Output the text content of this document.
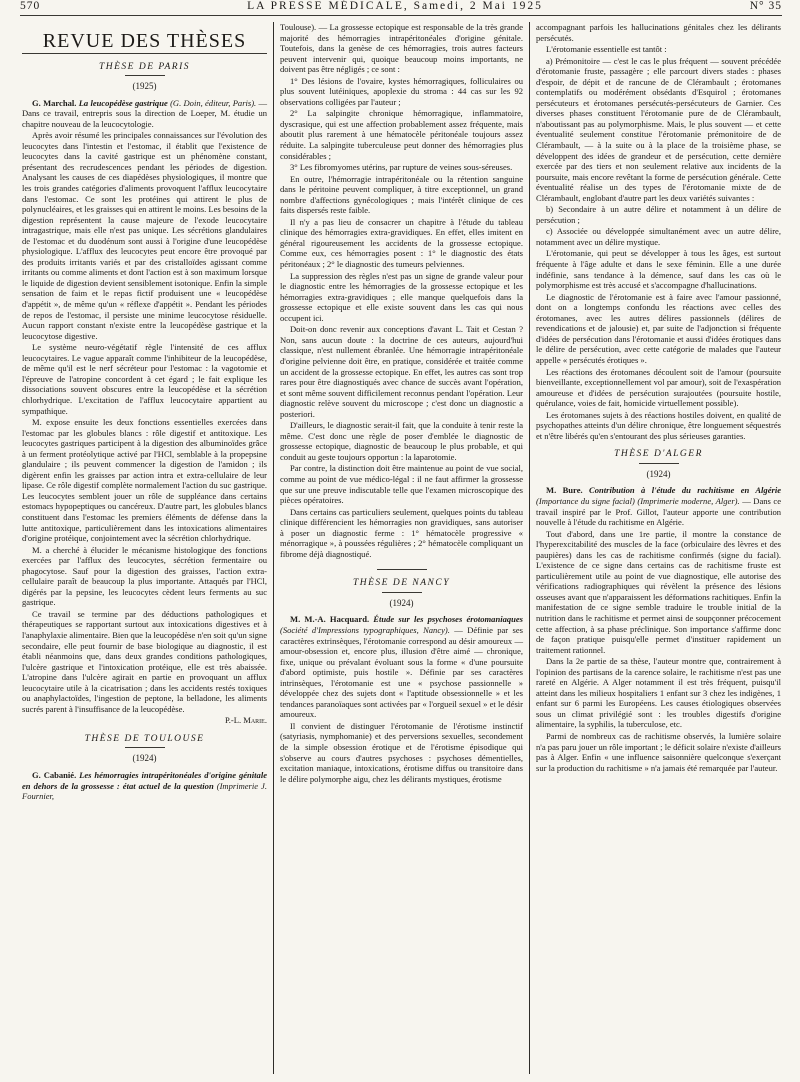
570	LA PRESSE MÉDICALE, Samedi, 2 Mai 1925	N° 35
REVUE DES THÈSES
THÈSE DE PARIS
(1925)

G. Marchal. La leucopédèse gastrique (G. Doin, éditeur, Paris). — Dans ce travail, entrepris sous la direction de Loeper, M. étudie un chapitre nouveau de la leucocytologie.

Après avoir résumé les principales connaissances sur l'évolution des leucocytes dans l'intestin et l'estomac, il établit que l'existence de leucocytes dans la cavité gastrique est un phénomène constant, présentant des recrudescences pendant les périodes de digestion. Analysant les causes de ces diapédèses physiologiques, il montre que les trois grandes catégories d'aliments provoquent l'afflux leucocytaire dans l'estomac. Ce sont les protéines qui attirent le plus de polynucléaires, et les graisses qui en attirent le moins. Les besoins de la digestion représentent la cause majeure de l'exode leucocytaire intragastrique, mais elle n'est pas unique. Les sécrétions glandulaires de l'estomac et du duodénum sont aussi à l'origine d'une leucopédèse physiologique. L'afflux des leucocytes peut encore être provoqué par des produits irritants variés et par des cristalloïdes agissant comme irritants ou comme aliments et dont l'action est à son maximum lorsque le liquide de digestion devient sensiblement isotonique. Enfin la simple sensation de faim et le repas fictif produisent une « leucopédèse d'appétit », de même qu'un « réflexe d'appétit ». Pendant les périodes de repos de l'estomac, il persiste une minime leucocytose résiduelle. Aucun rapport constant n'existe entre la leucopédèse gastrique et la leucocytose digestive.

Le système neuro-végétatif règle l'intensité de ces afflux leucocytaires. Le vague apparaît comme l'inhibiteur de la leucopédèse, de même qu'il est le nerf sécréteur pour l'estomac : la vagotomie et l'épreuve de l'atropine concordent à cet égard ; le fait explique les dissociations souvent obscures entre la leucopédèse et la sécrétion chlorhydrique. L'excitation de l'afflux leucocytaire appartient au sympathique.

M. expose ensuite les deux fonctions essentielles exercées dans l'estomac par les globules blancs : rôle digestif et antitoxique. Les leucocytes gastriques participent à la digestion des albuminoïdes grâce à un ferment protéolytique activé par l'HCl, semblable à la propepsine glandulaire ; ils peuvent commencer la digestion de l'amidon ; ils digèrent enfin les graisses par action intra et extra-cellulaire de leur lipase. Ce rôle digestif complète normalement l'action du suc gastrique. Les leucocytes semblent jouer un rôle de suppléance dans certains estomacs hypopeptiques ou cancéreux. D'autre part, les globules blancs constituent dans l'estomac les premiers éléments de défense dans la lutte antitoxique, particulièrement dans les intoxications alimentaires d'origine protéique, conjointement avec la sécrétion chlorhydrique.

M. a cherché à élucider le mécanisme histologique des fonctions exercées par l'afflux des leucocytes, sécrétion fermentaire ou phagocytose. Sauf pour la digestion des graisses, l'action extra-cellulaire paraît de beaucoup la plus importante. Attaqués par l'HCl, digérés par la pepsine, les leucocytes cèdent leurs ferments au suc gastrique.

Ce travail se termine par des déductions pathologiques et thérapeutiques se rapportant surtout aux intoxications digestives et à l'anaphylaxie alimentaire. Bien que la leucopédèse n'en soit qu'un signe secondaire, elle peut fournir de base biologique au diagnostic, il est établi néanmoins que, dans deux grandes conditions pathologiques, l'ulcère gastrique et l'intoxication protéique, elle est très abaissée. L'atropine dans l'ulcère agirait en partie en provoquant un afflux leucocytaire utile à la cicatrisation ; dans les accidents restés toxiques ou anaphylactoïdes, l'ingestion de peptone, la belladone, les aliments sucrés parent à l'insuffisance de la leucopédèse.

P.-L. Marie.

THÈSE DE TOULOUSE
(1924)

G. Cabanié. Les hémorragies intrapéritonéales d'origine génitale en dehors de la grossesse : état actuel de la question (Imprimerie J. Fournier,

Toulouse). — La grossesse ectopique est responsable de la très grande majorité des hémorragies intrapéritonéales d'origine génitale. Toutefois, dans la genèse de ces hémorragies, trois autres facteurs peuvent intervenir qui, quoique beaucoup moins importants, ne doivent pas être négligés ; ce sont :

1° Des lésions de l'ovaire, kystes hémorragiques, folliculaires ou plus souvent lutéiniques, apoplexie du stroma : 44 cas sur les 92 observations colligées par l'auteur ;

2° La salpingite chronique hémorragique, inflammatoire, dyscrasique, qui est une affection probablement assez fréquente, mais aboutit plus rarement à une hématocèle péritonéale toujours assez réduite. La salpingite tuberculeuse peut donner des hémorragies plus considérables ;

3° Les fibromyomes utérins, par rupture de veines sous-séreuses.

En outre, l'hémorragie intrapéritonéale ou la rétention sanguine dans le péritoine peuvent compliquer, à titre exceptionnel, un grand nombre d'affections gynécologiques ; mais l'intérêt clinique de ces faits dispersés reste faible.

Il n'y a pas lieu de consacrer un chapitre à l'étude du tableau clinique des hémorragies extra-gravidiques. En effet, elles imitent en général rigoureusement les accidents de la grossesse ectopique. Comme eux, ces hémorragies posent : 1° le diagnostic des états péritonéaux ; 2° le diagnostic des tumeurs pelviennes.

La suppression des règles n'est pas un signe de grande valeur pour le diagnostic entre les hémorragies de la grossesse ectopique et les hémorragies extra-gravidiques ; elle manque quelquefois dans la grossesse ectopique et elle existe souvent dans les cas qui nous occupent ici.

Doit-on donc revenir aux conceptions d'avant L. Tait et Cestan ? Non, sans aucun doute : la doctrine de ces auteurs, aujourd'hui classique, n'est nullement ébranlée. Une hémorragie intrapéritonéale d'origine pelvienne doit être, en pratique, considérée et traitée comme un accident de la grossesse ectopique. En effet, les autres cas sont trop rares pour être diagnostiqués avec chance de succès avant l'opération, et sont même souvent difficilement reconnus pendant l'opération. Leur diagnostic relève souvent du microscope ; c'est donc un diagnostic a posteriori.

D'ailleurs, le diagnostic serait-il fait, que la conduite à tenir reste la même. C'est donc une règle de poser d'emblée le diagnostic de grossesse ectopique, diagnostic de beaucoup le plus probable, et qui conduit au geste toujours opportun : la laparotomie.

Par contre, la distinction doit être maintenue au point de vue social, comme au point de vue médico-légal : il ne faut affirmer la grossesse que sur une preuve indiscutable telle que l'examen microscopique des pièces opératoires.

Dans certains cas particuliers seulement, quelques points du tableau clinique différencient les hémorragies non gravidiques, sans autoriser à poser un diagnostic ferme : 1° hématocèle progressive « ménorragique », à poussées régulières ; 2° hématocèle compliquant un fibrome déjà diagnostiqué.

THÈSE DE NANCY
(1924)

M. M.-A. Hacquard. Étude sur les psychoses érotomaniaques (Société d'Impressions typographiques, Nancy). — Définie par ses caractères extrinsèques, l'érotomanie correspond au désir amoureux — amour-obsession et, encore plus, illusion d'être aimé — chronique, fixe, unique ou prévalant évoluant sous la forme « d'une poursuite d'abord optimiste, puis hostile ». Définie par ses caractères intrinsèques, l'érotomanie est une « psychose passionnelle » développée chez des sujets dont « l'aptitude obsessionnelle » et les tendances paranoïaques sont activées par « l'orgueil sexuel » et le désir amoureux.

Il convient de distinguer l'érotomanie de l'érotisme instinctif (satyriasis, nymphomanie) et des perversions sexuelles, secondement de la simple obsession érotique et de l'érotisme épisodique qui s'observe au cours d'autres psychoses : psychoses démentielles, excitation maniaque, intoxications, érotisme diffus ou transitoire dans le délire polymorphe aigu, chez les délirants mystiques, érotisme

accompagnant parfois les hallucinations génitales chez les délirants persécutés.

L'érotomanie essentielle est tantôt :

a) Prémonitoire — c'est le cas le plus fréquent — souvent précédée d'érotomanie fruste, passagère ; elle parcourt divers stades : phases d'espoir, de dépit et de rancune de de Clérambault ; érotomanes contemplatifs ou modérément obsédants d'Esquirol ; érotomanes persécuteurs et érotomanes persécutés-persécuteurs de Garnier. Ces diverses phases constituent l'érotomanie pure de de Clérambault, n'aboutissant pas au polymorphisme. Mais, le plus souvent — et cette éventualité seulement constitue l'érotomanie prémonitoire de de Clérambault, — à la suite ou à la place de la troisième phase, se développent des idées de grandeur et de persécution, cette dernière exercée par des tiers et non seulement relative aux incidents de la poursuite, mais encore revêtant la forme de persécution générale. Cette éventualité réalise un des types de l'érotomanie mixte de de Clérambault, englobant d'autre part les deux variétés suivantes :

b) Secondaire à un autre délire et notamment à un délire de persécution ;

c) Associée ou développée simultanément avec un autre délire, notamment avec un délire mystique.

L'érotomanie, qui peut se développer à tous les âges, est surtout fréquente à l'âge adulte et dans le sexe féminin. Elle a une durée indéfinie, sans tendance à la démence, sauf dans les cas où le polymorphisme est très accusé et s'accompagne d'hallucinations.

Le diagnostic de l'érotomanie est à faire avec l'amour passionné, dont on a longtemps confondu les réactions avec celles des érotomanes, avec les autres délires passionnels (délires de revendications et de jalousie) et, par suite de l'adjonction si fréquente d'idées de persécution dans l'érotomanie et aussi d'idées érotiques dans le délire de persécution, avec cette catégorie de malades que l'auteur appelle « persécutés érotiques ».

Les réactions des érotomanes découlent soit de l'amour (poursuite bienveillante, exceptionnellement vol par amour), soit de l'exaspération amoureuse et d'idées de persécution surajoutées (poursuite hostile, quérulance, voies de fait, homicide virtuellement possible).

Les érotomanes sujets à des réactions hostiles doivent, en qualité de psychopathes atteints d'un délire chronique, être longuement séquestrés et n'être libérés qu'en s'entourant des plus sérieuses garanties.

THÈSE D'ALGER
(1924)

M. Bure. Contribution à l'étude du rachitisme en Algérie (Importance du signe facial) (Imprimerie moderne, Alger). — Dans ce travail inspiré par le Prof. Gillot, l'auteur apporte une contribution nouvelle à l'étude du rachitisme en Algérie.

Tout d'abord, dans une 1re partie, il montre la constance de l'hyperexcitabilité des muscles de la face (orbiculaire des lèvres et des paupières) dans les cas de rachitisme confirmés (signe du facial). L'existence de ce signe dans certains cas de rachitisme fruste est particulièrement utile au point de vue diagnostique, elle autorise des vérifications radiographiques qui révèlent la présence des lésions osseuses avant que n'apparaissent les déformations rachitiques. Enfin la manifestation de ce signe semble traduire le trouble initial de la nutrition dans le rachitisme et permet ainsi de soupçonner précocement cette affection, à sa phase préclinique. Son importance s'affirme donc de façon pratique puisqu'elle permet d'instituer rapidement un traitement rationnel.

Dans la 2e partie de sa thèse, l'auteur montre que, contrairement à l'opinion des partisans de la carence solaire, le rachitisme n'est pas une rareté en Algérie. A Alger notamment il est très fréquent, puisqu'il atteint dans les milieux hospitaliers 1 enfant sur 3 chez les indigènes, 1 enfant sur 6 parmi les Européens. Les causes étiologiques observées sous un climat privilégié sont : les troubles digestifs d'origine alimentaire, la syphilis, la tuberculose, etc.

Parmi de nombreux cas de rachitisme observés, la lumière solaire n'a pas paru jouer un rôle important ; le déficit solaire n'existe d'ailleurs pas à Alger. Enfin « une influence saisonnière quelconque s'exerçant sur la production du rachitisme » n'a jamais été remarquée par l'auteur.
